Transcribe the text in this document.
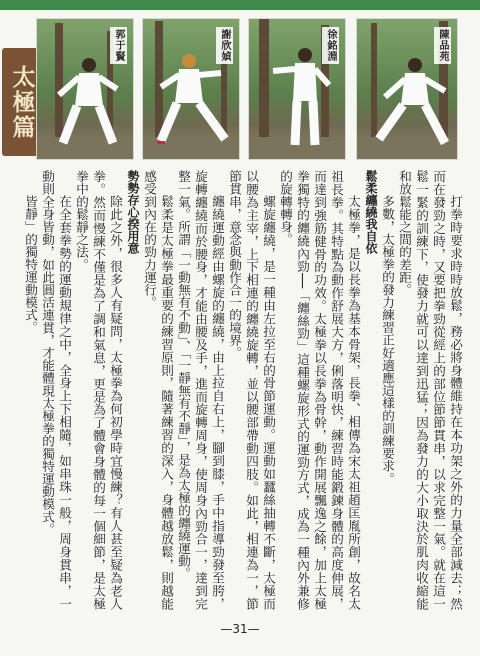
太極篇
郭于賢	謝欣媜	徐銘淵	陳品苑

打拳時要求時時放鬆，務必將身體維持在本功架之外的力量全部減去；然而在發勁之時，又要把拳勁從經上的部位節節貫串，以求完整一氣。就在這一鬆一緊的訓練下，使發力就可以達到迅猛；因為發力的大小取決於肌肉收縮能和放鬆能之間的差距。

多數，太極拳的發力練習正好適應這樣的訓練要求。

鬆柔纏繞我自依

太極拳，是以長拳為基本骨架，長拳、相傳為宋太祖趙匡胤所創，故名太祖長拳。其特點為動作舒展大方，俐落明快，練習時能鍛鍊身體的高度伸展，而達到強筋健骨的功效。太極拳以長拳為骨幹，動作開展飄逸之餘，加上太極拳獨特的纏繞內勁──「纏絲勁」這種螺旋形式的運勁方式，成為一種內外兼修的旋轉轉身。

螺旋纏繞，是一種由左拉至右的骨節運動。運動如蠶絲抽轉不斷，太極而以腰為主宰，上下相連的纏繞旋轉，並以腰部帶動四肢。如此，相連為一，節節貫串，意念與動作合一的境界。

纏繞運動經由螺旋的纏繞，由上拉自右上，腳到膝，手中指導勁發至胯，旋轉纏繞而於腰身，才能由腰及手，進而旋轉周身，使周身內勁合一，達到完整一氣。所謂「一動無有不動」、「一靜無有不靜」，是為太極的纏繞運動。

鬆柔是太極拳最重要的練習原則，隨著練習的深入，身體越放鬆，則越能感受到內在的勁力運行。

勢勢存心揆用意

除此之外，很多人有疑問，太極拳為何初學時宜慢練？有人甚至疑為老人拳。然而慢練不僅是為了調和氣息，更是為了體會身體的每一個細節，是太極拳中的鬆靜之法。

在全套拳勢的運動規律之中，全身上下相隨，如串珠一般，周身貫串，一動則全身皆動，如此圓活連貫，才能體現太極拳的獨特運動模式。

皆靜」的獨特運動模式。

—31—
